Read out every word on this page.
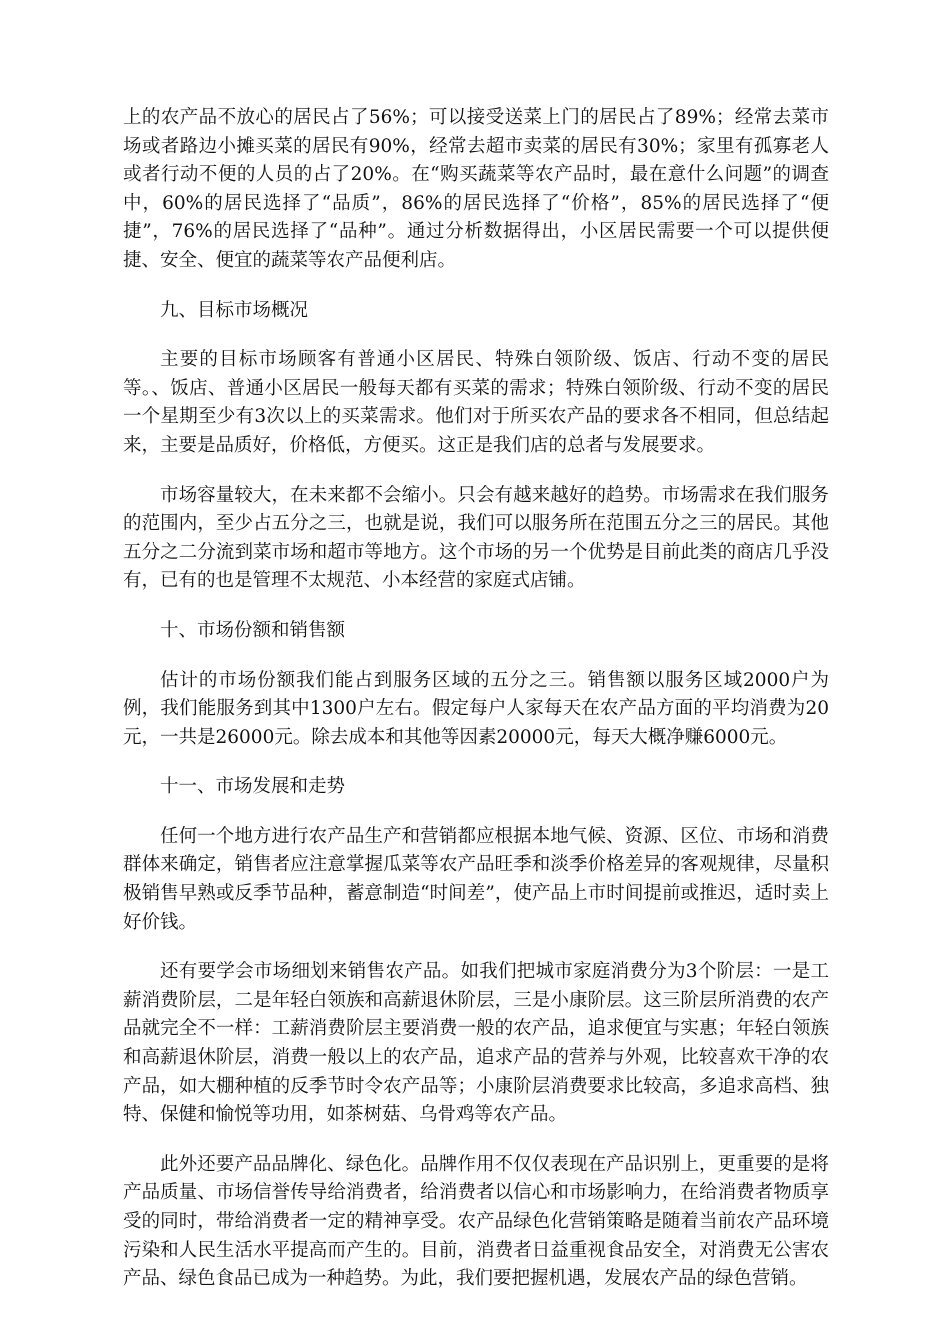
上的农产品不放心的居民占了56%；可以接受送菜上门的居民占了89%；经常去菜市场或者路边小摊买菜的居民有90%，经常去超市卖菜的居民有30%；家里有孤寡老人或者行动不便的人员的占了20%。在“购买蔬菜等农产品时，最在意什么问题”的调查中，60%的居民选择了“品质”，86%的居民选择了“价格”，85%的居民选择了“便捷”，76%的居民选择了“品种”。通过分析数据得出，小区居民需要一个可以提供便捷、安全、便宜的蔬菜等农产品便利店。

九、目标市场概况

主要的目标市场顾客有普通小区居民、特殊白领阶级、饭店、行动不变的居民等。、饭店、普通小区居民一般每天都有买菜的需求；特殊白领阶级、行动不变的居民一个星期至少有3次以上的买菜需求。他们对于所买农产品的要求各不相同，但总结起来，主要是品质好，价格低，方便买。这正是我们店的总者与发展要求。

市场容量较大，在未来都不会缩小。只会有越来越好的趋势。市场需求在我们服务的范围内，至少占五分之三，也就是说，我们可以服务所在范围五分之三的居民。其他五分之二分流到菜市场和超市等地方。这个市场的另一个优势是目前此类的商店几乎没有，已有的也是管理不太规范、小本经营的家庭式店铺。

十、市场份额和销售额

估计的市场份额我们能占到服务区域的五分之三。销售额以服务区域2000户为例，我们能服务到其中1300户左右。假定每户人家每天在农产品方面的平均消费为20元，一共是26000元。除去成本和其他等因素20000元，每天大概净赚6000元。

十一、市场发展和走势

任何一个地方进行农产品生产和营销都应根据本地气候、资源、区位、市场和消费群体来确定，销售者应注意掌握瓜菜等农产品旺季和淡季价格差异的客观规律，尽量积极销售早熟或反季节品种，蓄意制造“时间差”，使产品上市时间提前或推迟，适时卖上好价钱。

还有要学会市场细划来销售农产品。如我们把城市家庭消费分为3个阶层：一是工薪消费阶层，二是年轻白领族和高薪退休阶层，三是小康阶层。这三阶层所消费的农产品就完全不一样：工薪消费阶层主要消费一般的农产品，追求便宜与实惠；年轻白领族和高薪退休阶层，消费一般以上的农产品，追求产品的营养与外观，比较喜欢干净的农产品，如大棚种植的反季节时令农产品等；小康阶层消费要求比较高，多追求高档、独特、保健和愉悦等功用，如茶树菇、乌骨鸡等农产品。

此外还要产品品牌化、绿色化。品牌作用不仅仅表现在产品识别上，更重要的是将产品质量、市场信誉传导给消费者，给消费者以信心和市场影响力，在给消费者物质享受的同时，带给消费者一定的精神享受。农产品绿色化营销策略是随着当前农产品环境污染和人民生活水平提高而产生的。目前，消费者日益重视食品安全，对消费无公害农产品、绿色食品已成为一种趋势。为此，我们要把握机遇，发展农产品的绿色营销。
